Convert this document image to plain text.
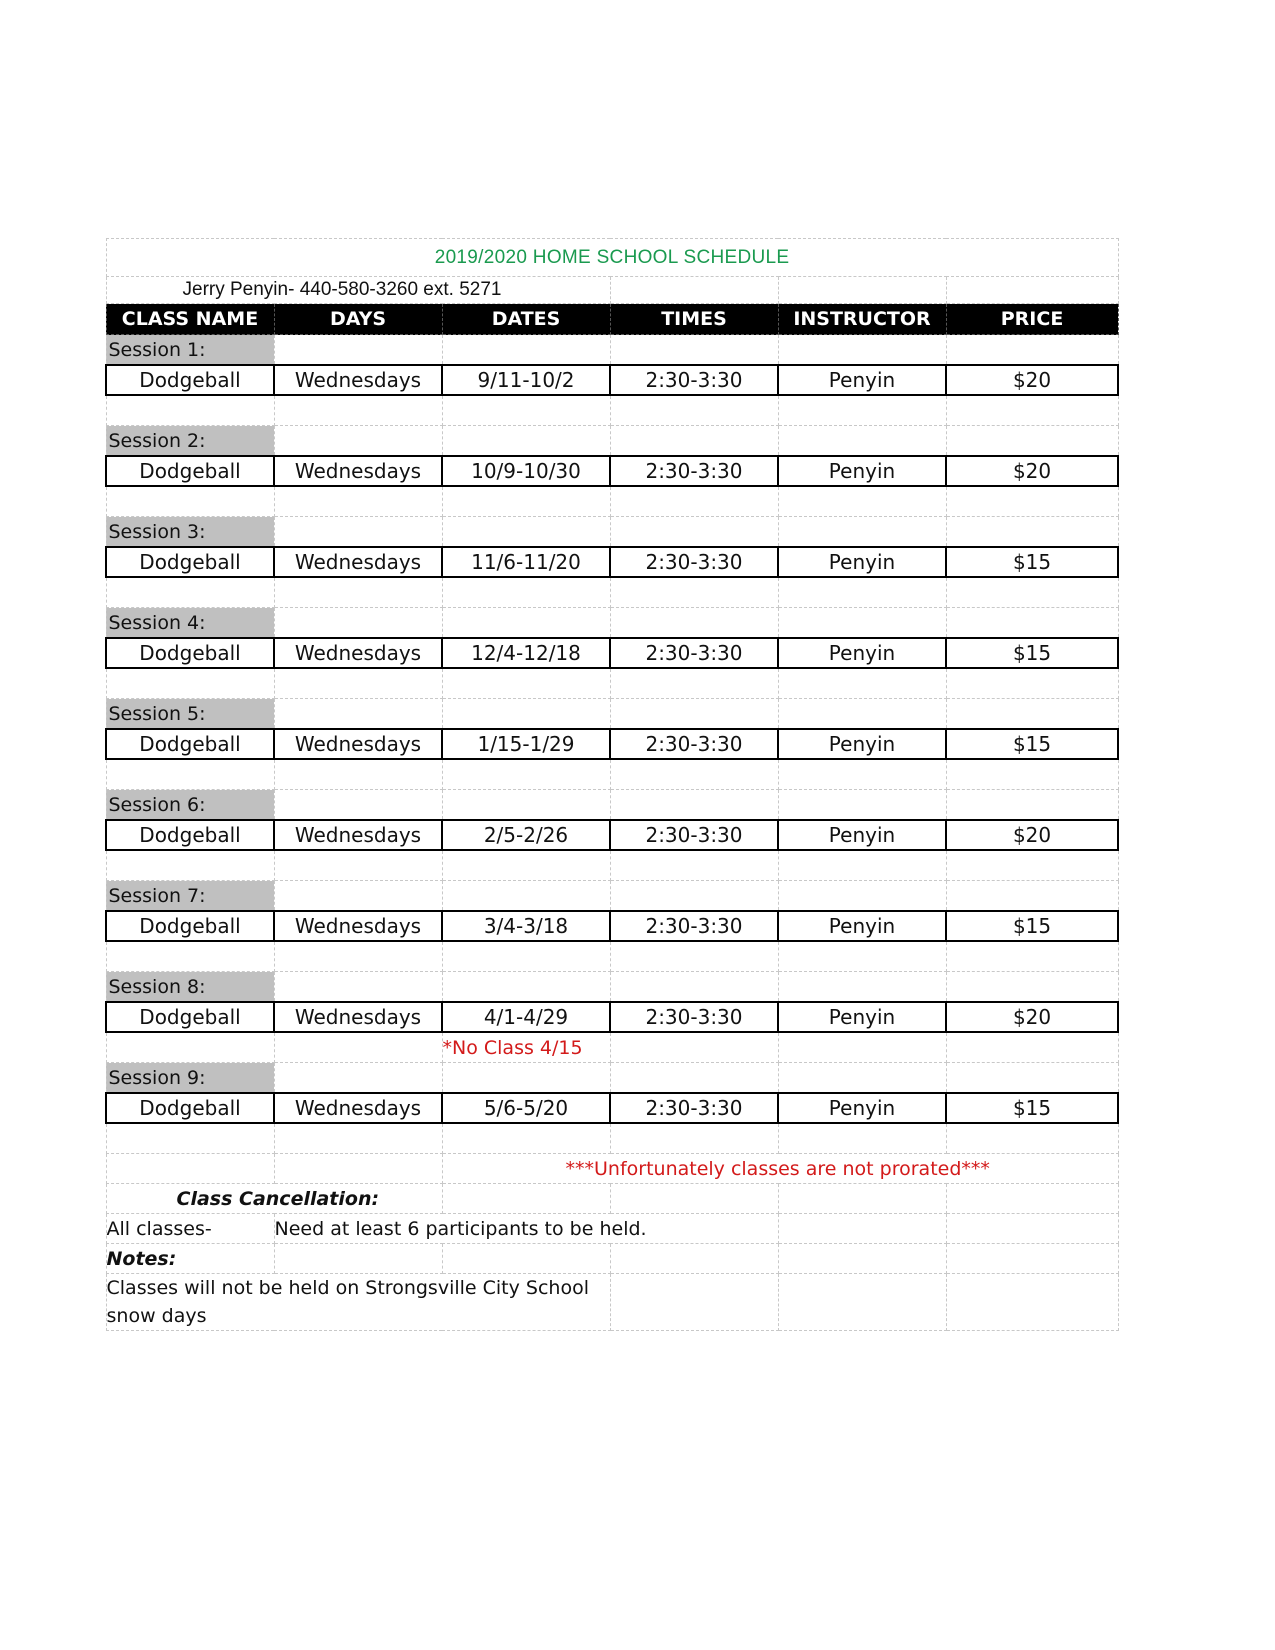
2019/2020 HOME SCHOOL SCHEDULE					
Jerry Penyin- 440-580-3260 ext. 5271					
CLASS NAME	DAYS	DATES	TIMES	INSTRUCTOR	PRICE
Session 1:					
Dodgeball	Wednesdays	9/11-10/2	2:30-3:30	Penyin	$20

Session 2:					
Dodgeball	Wednesdays	10/9-10/30	2:30-3:30	Penyin	$20

Session 3:					
Dodgeball	Wednesdays	11/6-11/20	2:30-3:30	Penyin	$15

Session 4:					
Dodgeball	Wednesdays	12/4-12/18	2:30-3:30	Penyin	$15

Session 5:					
Dodgeball	Wednesdays	1/15-1/29	2:30-3:30	Penyin	$15

Session 6:					
Dodgeball	Wednesdays	2/5-2/26	2:30-3:30	Penyin	$20

Session 7:					
Dodgeball	Wednesdays	3/4-3/18	2:30-3:30	Penyin	$15

Session 8:					
Dodgeball	Wednesdays	4/1-4/29	2:30-3:30	Penyin	$20
		*No Class 4/15			
Session 9:					
Dodgeball	Wednesdays	5/6-5/20	2:30-3:30	Penyin	$15

		***Unfortunately classes are not prorated***			
Class Cancellation:					
All classes-	Need at least 6 participants to be held.				
Notes:					
Classes will not be held on Strongsville City School snow days					
